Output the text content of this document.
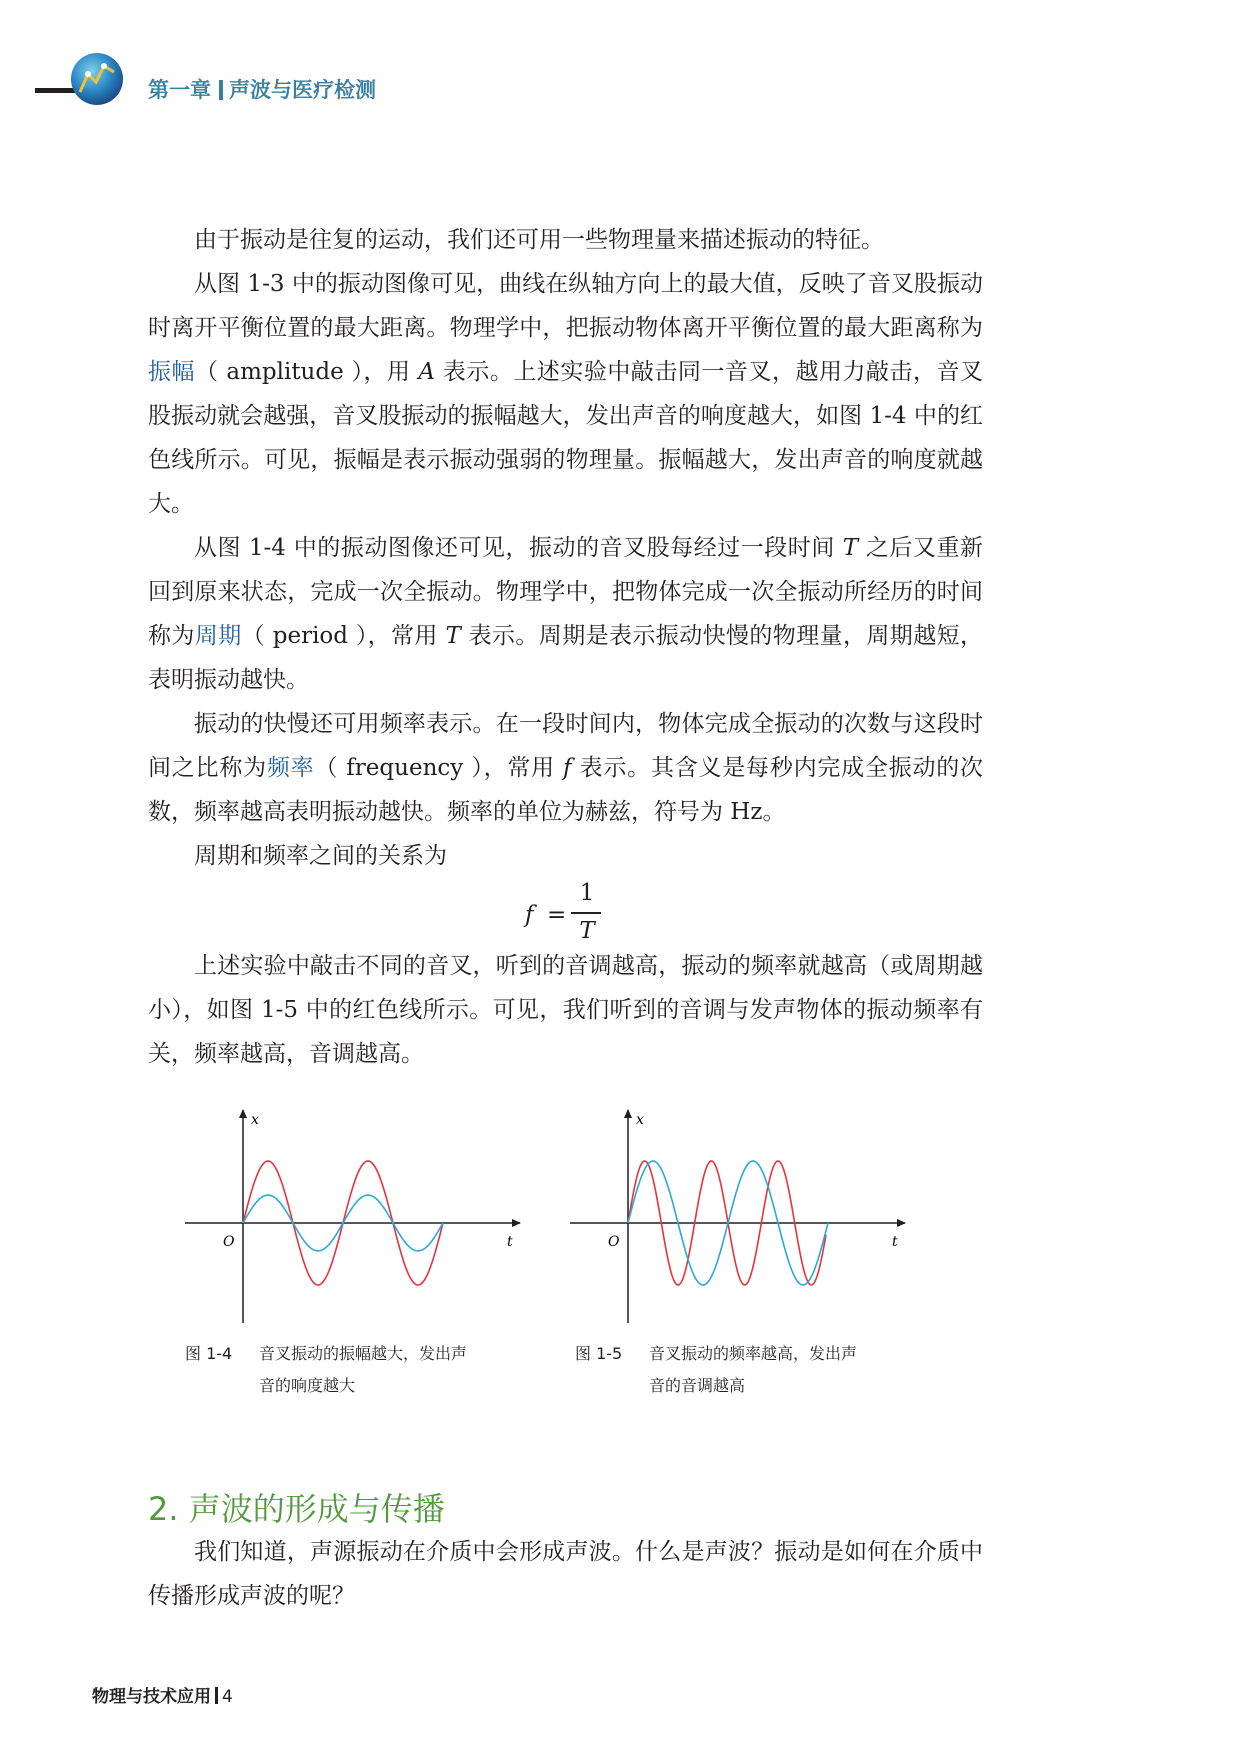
第一章 声波与医疗检测

由于振动是往复的运动，我们还可用一些物理量来描述振动的特征。

从图 1-3 中的振动图像可见，曲线在纵轴方向上的最大值，反映了音叉股振动时离开平衡位置的最大距离。物理学中，把振动物体离开平衡位置的最大距离称为振幅（ amplitude ），用 A 表示。上述实验中敲击同一音叉，越用力敲击，音叉股振动就会越强，音叉股振动的振幅越大，发出声音的响度越大，如图 1-4 中的红色线所示。可见，振幅是表示振动强弱的物理量。振幅越大，发出声音的响度就越大。

从图 1-4 中的振动图像还可见，振动的音叉股每经过一段时间 T 之后又重新回到原来状态，完成一次全振动。物理学中，把物体完成一次全振动所经历的时间称为周期（ period ），常用 T 表示。周期是表示振动快慢的物理量，周期越短，表明振动越快。

振动的快慢还可用频率表示。在一段时间内，物体完成全振动的次数与这段时间之比称为频率（ frequency ），常用 f 表示。其含义是每秒内完成全振动的次数，频率越高表明振动越快。频率的单位为赫兹，符号为 Hz。

周期和频率之间的关系为

f =
1
T

上述实验中敲击不同的音叉，听到的音调越高，振动的频率就越高（或周期越小），如图 1-5 中的红色线所示。可见，我们听到的音调与发声物体的振动频率有关，频率越高，音调越高。

x
t
O
图 1-4 音叉振动的振幅越大，发出声音的响度越大
x
t
O
图 1-5 音叉振动的频率越高，发出声音的音调越高
2. 声波的形成与传播

我们知道，声源振动在介质中会形成声波。什么是声波？振动是如何在介质中传播形成声波的呢？

物理与技术应用 4
